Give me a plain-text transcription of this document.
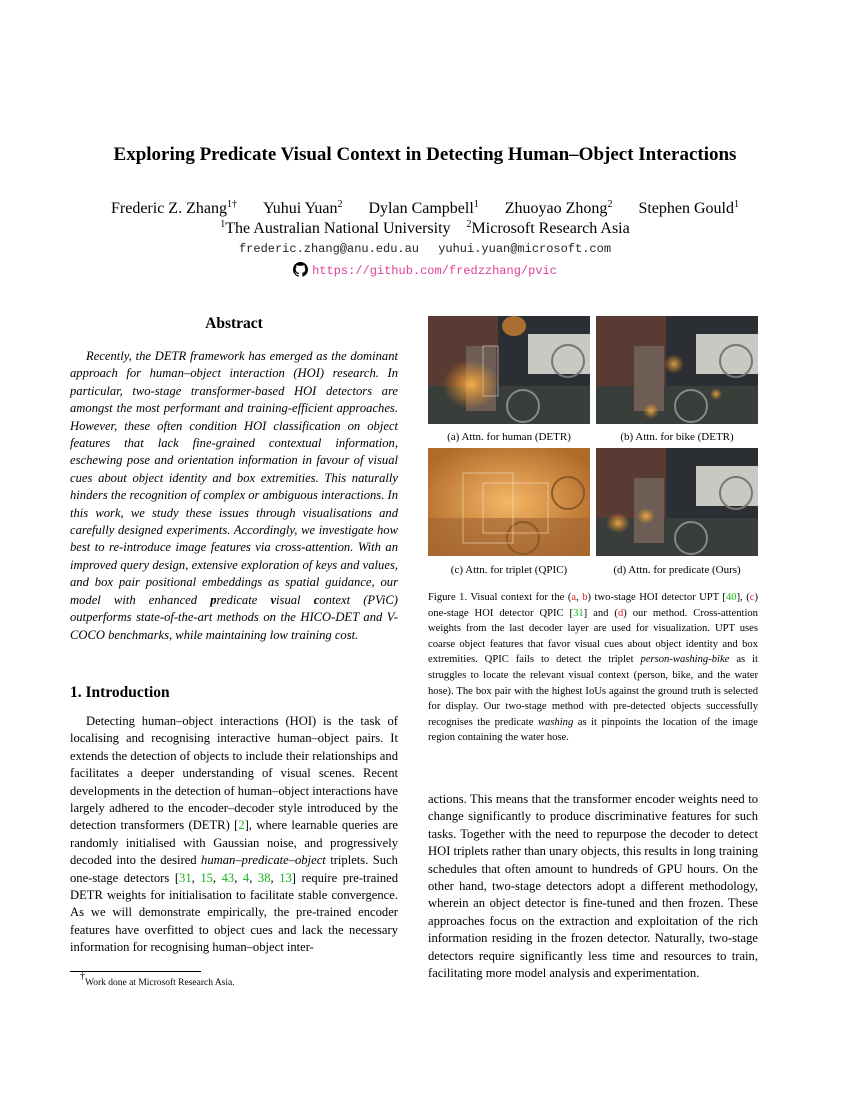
Exploring Predicate Visual Context in Detecting Human–Object Interactions
Frederic Z. Zhang$^{1\dagger}$ Yuhui Yuan$^2$ Dylan Campbell$^1$ Zhuoyao Zhong$^2$ Stephen Gould$^1$
$^1$The Australian National University $^2$Microsoft Research Asia
frederic.zhang@anu.edu.au yuhui.yuan@microsoft.com
https://github.com/fredzzhang/pvic
Abstract
Recently, the DETR framework has emerged as the dominant approach for human–object interaction (HOI) research. In particular, two-stage transformer-based HOI detectors are amongst the most performant and training-efficient approaches. However, these often condition HOI classification on object features that lack fine-grained contextual information, eschewing pose and orientation information in favour of visual cues about object identity and box extremities. This naturally hinders the recognition of complex or ambiguous interactions. In this work, we study these issues through visualisations and carefully designed experiments. Accordingly, we investigate how best to re-introduce image features via cross-attention. With an improved query design, extensive exploration of keys and values, and box pair positional embeddings as spatial guidance, our model with enhanced predicate visual context (PViC) outperforms state-of-the-art methods on the HICO-DET and V-COCO benchmarks, while maintaining low training cost.
1. Introduction
Detecting human–object interactions (HOI) is the task of localising and recognising interactive human–object pairs. It extends the detection of objects to include their relationships and facilitates a deeper understanding of visual scenes. Recent developments in the detection of human–object interactions have largely adhered to the encoder–decoder style introduced by the detection transformers (DETR) [2], where learnable queries are randomly initialised with Gaussian noise, and progressively decoded into the desired human–predicate–object triplets. Such one-stage detectors [31, 15, 43, 4, 38, 13] require pre-trained DETR weights for initialisation to facilitate stable convergence. As we will demonstrate empirically, the pre-trained encoder features have overfitted to object cues and lack the necessary information for recognising human–object inter-
†Work done at Microsoft Research Asia.
(a) Attn. for human (DETR)	(b) Attn. for bike (DETR)
(c) Attn. for triplet (QPIC)	(d) Attn. for predicate (Ours)
Figure 1. Visual context for the (a, b) two-stage HOI detector UPT [40], (c) one-stage HOI detector QPIC [31] and (d) our method. Cross-attention weights from the last decoder layer are used for visualization. UPT uses coarse object features that favor visual cues about object identity and box extremities. QPIC fails to detect the triplet person-washing-bike as it struggles to locate the relevant visual context (person, bike, and the water hose). The box pair with the highest IoUs against the ground truth is selected for display. Our two-stage method with pre-detected objects successfully recognises the predicate washing as it pinpoints the location of the image region containing the water hose.
actions. This means that the transformer encoder weights need to change significantly to produce discriminative features for such tasks. Together with the need to repurpose the decoder to detect HOI triplets rather than unary objects, this results in long training schedules that often amount to hundreds of GPU hours. On the other hand, two-stage detectors adopt a different methodology, wherein an object detector is fine-tuned and then frozen. These approaches focus on the extraction and exploitation of the rich information residing in the frozen detector. Naturally, two-stage detectors require significantly less time and resources to train, facilitating more model analysis and experimentation.
